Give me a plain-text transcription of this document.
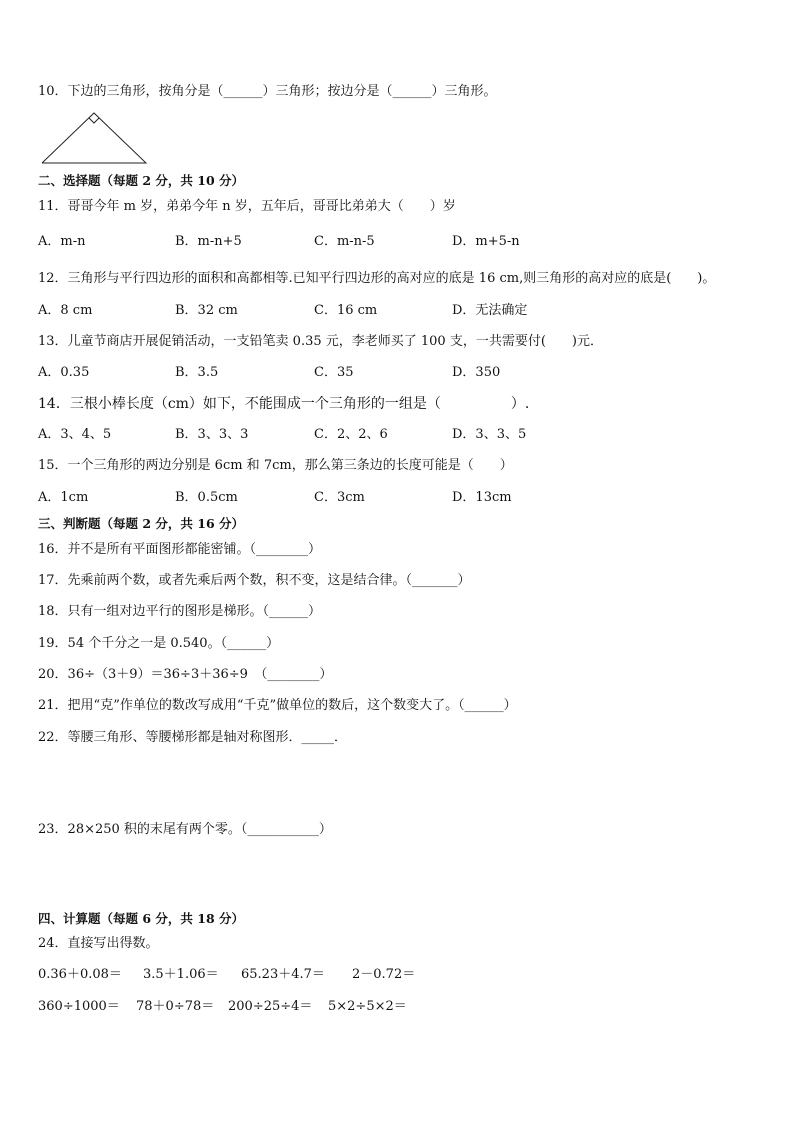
10．下边的三角形，按角分是（______）三角形；按边分是（______）三角形。
二、选择题（每题 2 分，共 10 分）
11．哥哥今年 m 岁，弟弟今年 n 岁，五年后，哥哥比弟弟大（　　）岁
A．m-n	B．m-n+5	C．m-n-5	D．m+5-n
12．三角形与平行四边形的面积和高都相等.已知平行四边形的高对应的底是 16 cm,则三角形的高对应的底是(　　)。
A．8 cm	B．32 cm	C．16 cm	D．无法确定
13．儿童节商店开展促销活动，一支铅笔卖 0.35 元，李老师买了 100 支，一共需要付(　　)元．
A．0.35	B．3.5	C．35	D．350
14．三根小棒长度（cm）如下，不能围成一个三角形的一组是（　　　　　）.
A．3、4、5	B．3、3、3	C．2、2、6	D．3、3、5
15．一个三角形的两边分别是 6cm 和 7cm，那么第三条边的长度可能是（　　）
A．1cm	B．0.5cm	C．3cm	D．13cm
三、判断题（每题 2 分，共 16 分）
16．并不是所有平面图形都能密铺。（________）
17．先乘前两个数，或者先乘后两个数，积不变，这是结合律。（_______）
18．只有一组对边平行的图形是梯形。（______）
19．54 个千分之一是 0.540。（______）
20．36÷（3＋9）＝36÷3＋36÷9　（________）
21．把用“克”作单位的数改写成用“千克”做单位的数后，这个数变大了。（______）
22．等腰三角形、等腰梯形都是轴对称图形．_____．
23．28×250 积的末尾有两个零。（___________）
四、计算题（每题 6 分，共 18 分）
24．直接写出得数。
0.36＋0.08＝ 3.5＋1.06＝ 65.23＋4.7＝ 2－0.72＝
360÷1000＝ 78＋0÷78＝ 200÷25÷4＝ 5×2÷5×2＝
